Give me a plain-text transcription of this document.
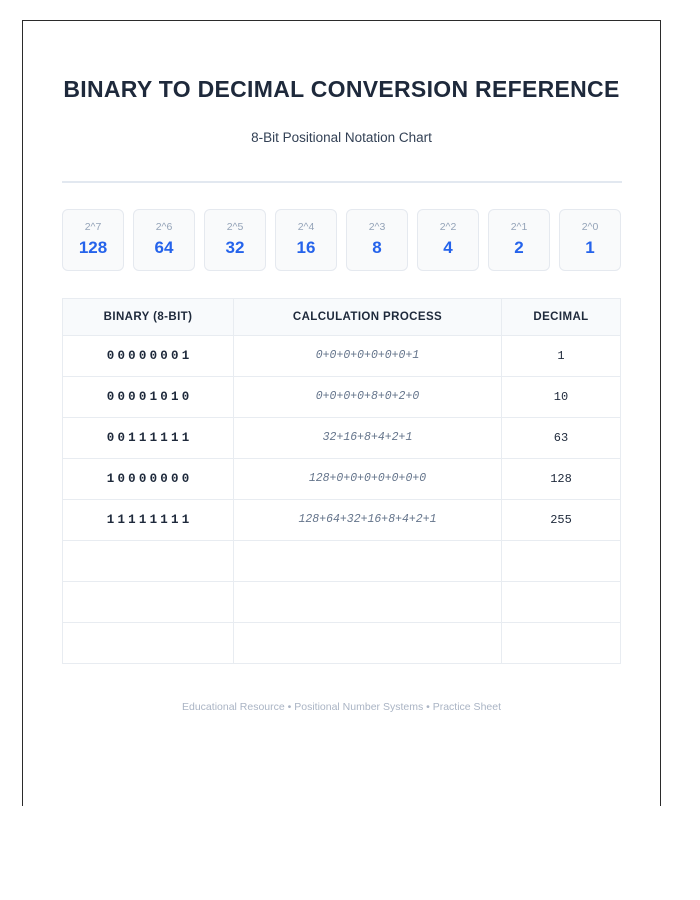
BINARY TO DECIMAL CONVERSION REFERENCE

8-Bit Positional Notation Chart

2^7
128
2^6
64
2^5
32
2^4
16
2^3
8
2^2
4
2^1
2
2^0
1
BINARY (8-BIT)	CALCULATION PROCESS	DECIMAL
00000001	0+0+0+0+0+0+0+1	1
00001010	0+0+0+0+8+0+2+0	10
00111111	32+16+8+4+2+1	63
10000000	128+0+0+0+0+0+0+0	128
11111111	128+64+32+16+8+4+2+1	255

Educational Resource • Positional Number Systems • Practice Sheet
